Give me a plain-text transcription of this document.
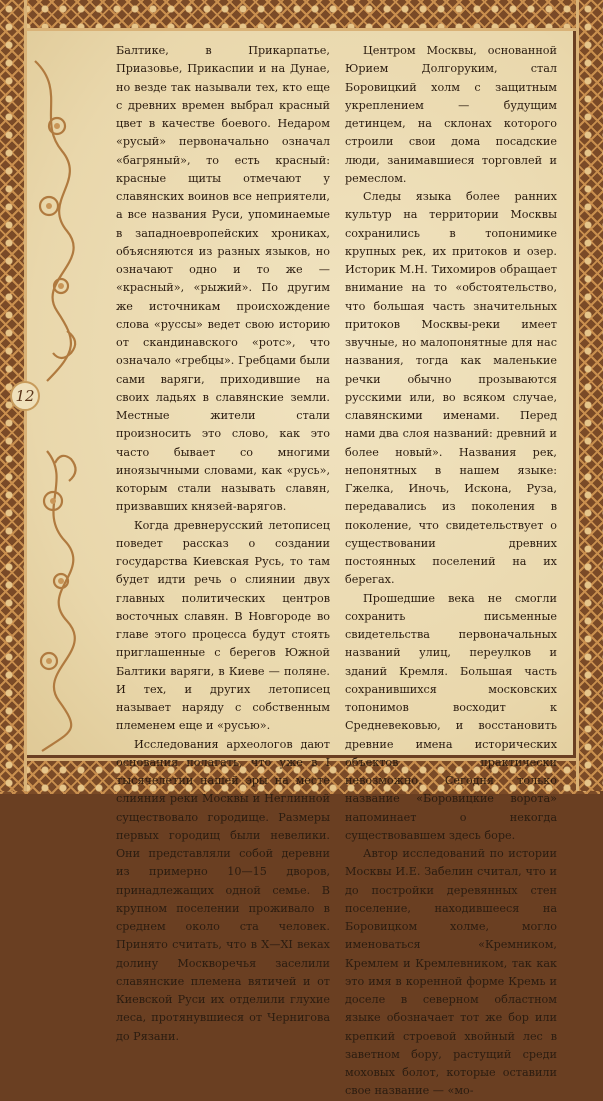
12

Балтике, в Прикарпатье, Приазовье, Прикаспии и на Дунае, но везде так называли тех, кто еще с древних времен выбрал красный цвет в качестве боевого. Недаром «русый» первоначально означал «багряный», то есть красный: красные щиты отмечают у славянских воинов все неприятели, а все названия Руси, упоминаемые в западноевропейских хрониках, объясняются из разных языков, но означают одно и то же — «красный», «рыжий». По другим же источникам происхождение слова «руссы» ведет свою историю от скандинавского «ротс», что означало «гребцы». Гребцами были сами варяги, приходившие на своих ладьях в славянские земли. Местные жители стали произносить это слово, как это часто бывает со многими иноязычными словами, как «русь», которым стали называть славян, призвавших князей-варягов.

Когда древнерусский летописец поведет рассказ о создании государства Киевская Русь, то там будет идти речь о слиянии двух главных политических центров восточных славян. В Новгороде во главе этого процесса будут стоять приглашенные с берегов Южной Балтики варяги, в Киеве — поляне. И тех, и других летописец называет наряду с собственным племенем еще и «русью».

Исследования археологов дают основания полагать, что уже в I тысячелетии нашей эры на месте слияния реки Москвы и Неглинной существовало городище. Размеры первых городищ были невелики. Они представляли собой деревни из примерно 10—15 дворов, принадлежащих одной семье. В крупном поселении проживало в среднем около ста человек. Принято считать, что в X—XI веках долину Москворечья заселили славянские племена вятичей и от Киевской Руси их отделили глухие леса, протянувшиеся от Чернигова до Рязани.

Центром Москвы, основанной Юрием Долгоруким, стал Боровицкий холм с защитным укреплением — будущим детинцем, на склонах которого строили свои дома посадские люди, занимавшиеся торговлей и ремеслом.

Следы языка более ранних культур на территории Москвы сохранились в топонимике крупных рек, их притоков и озер. Историк М.Н. Тихомиров обращает внимание на то «обстоятельство, что большая часть значительных притоков Москвы-реки имеет звучные, но малопонятные для нас названия, тогда как маленькие речки обычно прозываются русскими или, во всяком случае, славянскими именами. Перед нами два слоя названий: древний и более новый». Названия рек, непонятных в нашем языке: Гжелка, Иночь, Искона, Руза, передавались из поколения в поколение, что свидетельствует о существовании древних постоянных поселений на их берегах.

Прошедшие века не смогли сохранить письменные свидетельства первоначальных названий улиц, переулков и зданий Кремля. Большая часть сохранившихся московских топонимов восходит к Средневековью, и восстановить древние имена исторических объектов практически невозможно. Сегодня только название «Боровицкие ворота» напоминает о некогда существовавшем здесь боре.

Автор исследований по истории Москвы И.Е. Забелин считал, что и до постройки деревянных стен поселение, находившееся на Боровицком холме, могло именоваться «Кремником, Кремлем и Кремлевником, так как это имя в коренной форме Кремь и доселе в северном областном языке обозначает тот же бор или крепкий строевой хвойный лес в заветном бору, растущий среди моховых болот, которые оставили свое название — «мо-
